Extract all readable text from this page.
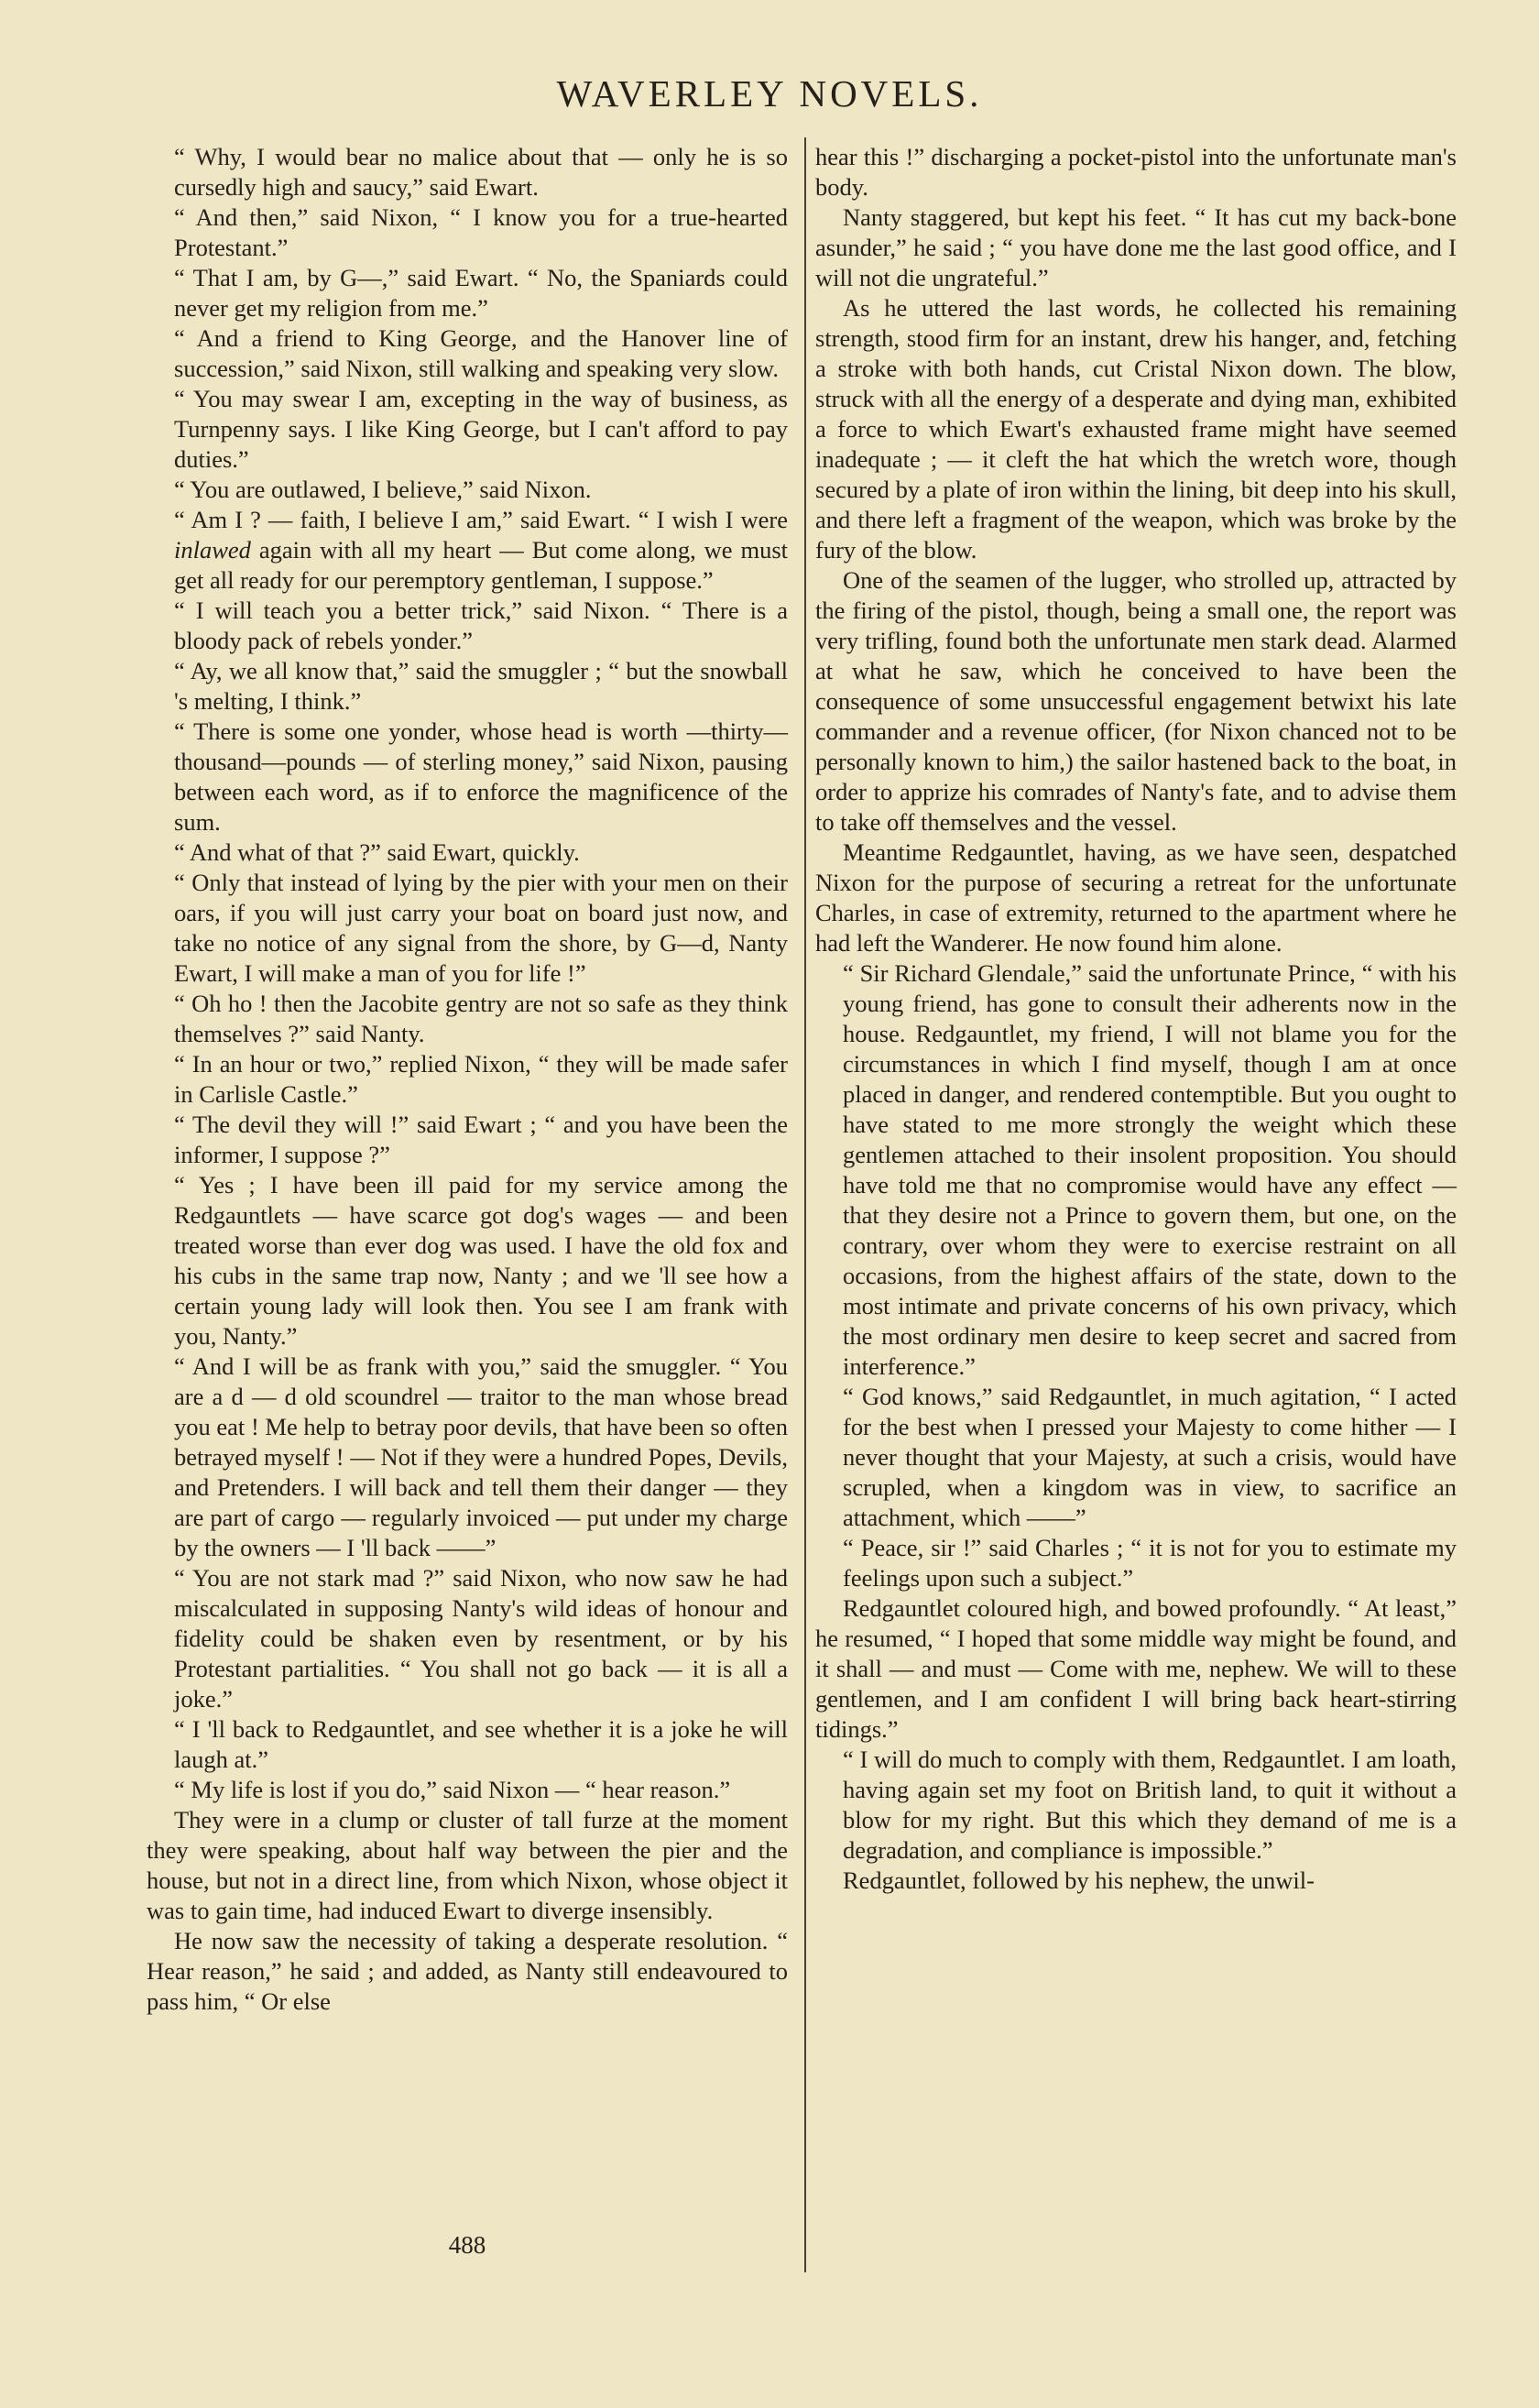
WAVERLEY NOVELS.

“ Why, I would bear no malice about that — only he is so cursedly high and saucy,” said Ewart.

“ And then,” said Nixon, “ I know you for a true-hearted Protestant.”

“ That I am, by G—,” said Ewart. “ No, the Spaniards could never get my religion from me.”

“ And a friend to King George, and the Hanover line of succession,” said Nixon, still walking and speaking very slow.

“ You may swear I am, excepting in the way of business, as Turnpenny says. I like King George, but I can't afford to pay duties.”

“ You are outlawed, I believe,” said Nixon.

“ Am I ? — faith, I believe I am,” said Ewart. “ I wish I were inlawed again with all my heart — But come along, we must get all ready for our peremptory gentleman, I suppose.”

“ I will teach you a better trick,” said Nixon. “ There is a bloody pack of rebels yonder.”

“ Ay, we all know that,” said the smuggler ; “ but the snowball 's melting, I think.”

“ There is some one yonder, whose head is worth —thirty—thousand—pounds — of sterling money,” said Nixon, pausing between each word, as if to enforce the magnificence of the sum.

“ And what of that ?” said Ewart, quickly.

“ Only that instead of lying by the pier with your men on their oars, if you will just carry your boat on board just now, and take no notice of any signal from the shore, by G—d, Nanty Ewart, I will make a man of you for life !”

“ Oh ho ! then the Jacobite gentry are not so safe as they think themselves ?” said Nanty.

“ In an hour or two,” replied Nixon, “ they will be made safer in Carlisle Castle.”

“ The devil they will !” said Ewart ; “ and you have been the informer, I suppose ?”

“ Yes ; I have been ill paid for my service among the Redgauntlets — have scarce got dog's wages — and been treated worse than ever dog was used. I have the old fox and his cubs in the same trap now, Nanty ; and we 'll see how a certain young lady will look then. You see I am frank with you, Nanty.”

“ And I will be as frank with you,” said the smuggler. “ You are a d — d old scoundrel — traitor to the man whose bread you eat ! Me help to betray poor devils, that have been so often betrayed myself ! — Not if they were a hundred Popes, Devils, and Pretenders. I will back and tell them their danger — they are part of cargo — regularly invoiced — put under my charge by the owners — I 'll back ——”

“ You are not stark mad ?” said Nixon, who now saw he had miscalculated in supposing Nanty's wild ideas of honour and fidelity could be shaken even by resentment, or by his Protestant partialities. “ You shall not go back — it is all a joke.”

“ I 'll back to Redgauntlet, and see whether it is a joke he will laugh at.”

“ My life is lost if you do,” said Nixon — “ hear reason.”

They were in a clump or cluster of tall furze at the moment they were speaking, about half way between the pier and the house, but not in a direct line, from which Nixon, whose object it was to gain time, had induced Ewart to diverge insensibly.

He now saw the necessity of taking a desperate resolution. “ Hear reason,” he said ; and added, as Nanty still endeavoured to pass him, “ Or else

hear this !” discharging a pocket-pistol into the unfortunate man's body.

Nanty staggered, but kept his feet. “ It has cut my back-bone asunder,” he said ; “ you have done me the last good office, and I will not die ungrateful.”

As he uttered the last words, he collected his remaining strength, stood firm for an instant, drew his hanger, and, fetching a stroke with both hands, cut Cristal Nixon down. The blow, struck with all the energy of a desperate and dying man, exhibited a force to which Ewart's exhausted frame might have seemed inadequate ; — it cleft the hat which the wretch wore, though secured by a plate of iron within the lining, bit deep into his skull, and there left a fragment of the weapon, which was broke by the fury of the blow.

One of the seamen of the lugger, who strolled up, attracted by the firing of the pistol, though, being a small one, the report was very trifling, found both the unfortunate men stark dead. Alarmed at what he saw, which he conceived to have been the consequence of some unsuccessful engagement betwixt his late commander and a revenue officer, (for Nixon chanced not to be personally known to him,) the sailor hastened back to the boat, in order to apprize his comrades of Nanty's fate, and to advise them to take off themselves and the vessel.

Meantime Redgauntlet, having, as we have seen, despatched Nixon for the purpose of securing a retreat for the unfortunate Charles, in case of extremity, returned to the apartment where he had left the Wanderer. He now found him alone.

“ Sir Richard Glendale,” said the unfortunate Prince, “ with his young friend, has gone to consult their adherents now in the house. Redgauntlet, my friend, I will not blame you for the circumstances in which I find myself, though I am at once placed in danger, and rendered contemptible. But you ought to have stated to me more strongly the weight which these gentlemen attached to their insolent proposition. You should have told me that no compromise would have any effect — that they desire not a Prince to govern them, but one, on the contrary, over whom they were to exercise restraint on all occasions, from the highest affairs of the state, down to the most intimate and private concerns of his own privacy, which the most ordinary men desire to keep secret and sacred from interference.”

“ God knows,” said Redgauntlet, in much agitation, “ I acted for the best when I pressed your Majesty to come hither — I never thought that your Majesty, at such a crisis, would have scrupled, when a kingdom was in view, to sacrifice an attachment, which ——”

“ Peace, sir !” said Charles ; “ it is not for you to estimate my feelings upon such a subject.”

Redgauntlet coloured high, and bowed profoundly. “ At least,” he resumed, “ I hoped that some middle way might be found, and it shall — and must — Come with me, nephew. We will to these gentlemen, and I am confident I will bring back heart-stirring tidings.”

“ I will do much to comply with them, Redgauntlet. I am loath, having again set my foot on British land, to quit it without a blow for my right. But this which they demand of me is a degradation, and compliance is impossible.”

Redgauntlet, followed by his nephew, the unwil-

488
